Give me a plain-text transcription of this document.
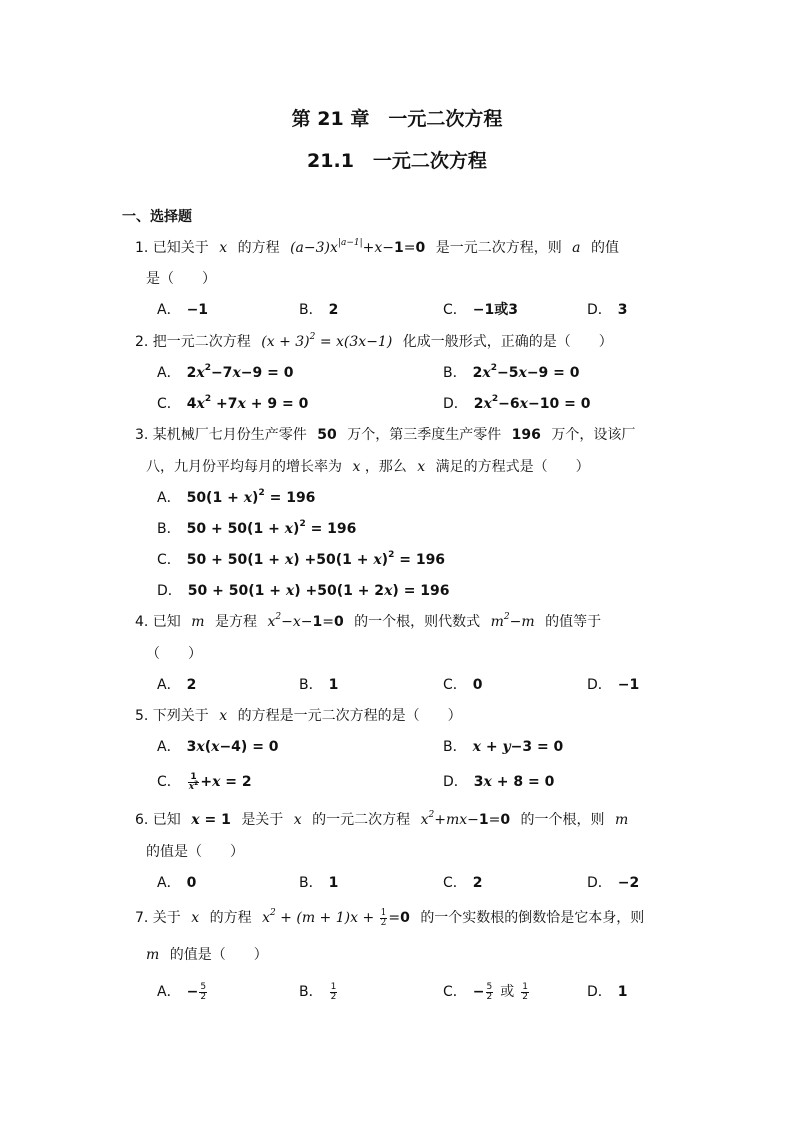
第 21 章　一元二次方程
21.1　一元二次方程
一、选择题
1. 已知关于 x 的方程 $(a-3)x^{|a-1|}+x-1=0$ 是一元二次方程，则 a 的值
是（　　）
A． −1	B． 2	C． −1或3	D． 3
2. 把一元二次方程 $(x + 3)^2 = x(3x-1)$ 化成一般形式，正确的是（　　）
A． $2x^2-7x-9 = 0$	B． $2x^2-5x-9 = 0$
C． $4x^2 +7x + 9 = 0$	D． $2x^2-6x-10 = 0$
3. 某机械厂七月份生产零件 50 万个，第三季度生产零件 196 万个，设该厂
八，九月份平均每月的增长率为 x ，那么 x 满足的方程式是（　　）
A． $50(1 + x)^2 = 196$
B． $50 + 50(1 + x)^2 = 196$
C． $50 + 50(1 + x) +50(1 + x)^2 = 196$
D． 50 + 50(1 + x) +50(1 + 2x) = 196
4. 已知 m 是方程 $x^2-x-1=0$ 的一个根，则代数式 $m^2-m$ 的值等于
（　　）
A． 2	B． 1	C． 0	D． −1
5. 下列关于 x 的方程是一元二次方程的是（　　）
A． 3x(x−4) = 0	B． x + y−3 = 0
C． $\frac{1}{x^2} +x = 2$	D． 3x + 8 = 0
6. 已知 x = 1 是关于 x 的一元二次方程 $x^2+mx-1=0$ 的一个根，则 m
的值是（　　）
A． 0	B． 1	C． 2	D． −2
7. 关于 x 的方程 $x^2 + (m + 1)x + \frac{1}{2} =0$ 的一个实数根的倒数恰是它本身，则
m 的值是（　　）
A． − $\frac{5}{2}$	B． $\frac{1}{2}$	C． − $\frac{5}{2}$ 或 $\frac{1}{2}$	D． 1
